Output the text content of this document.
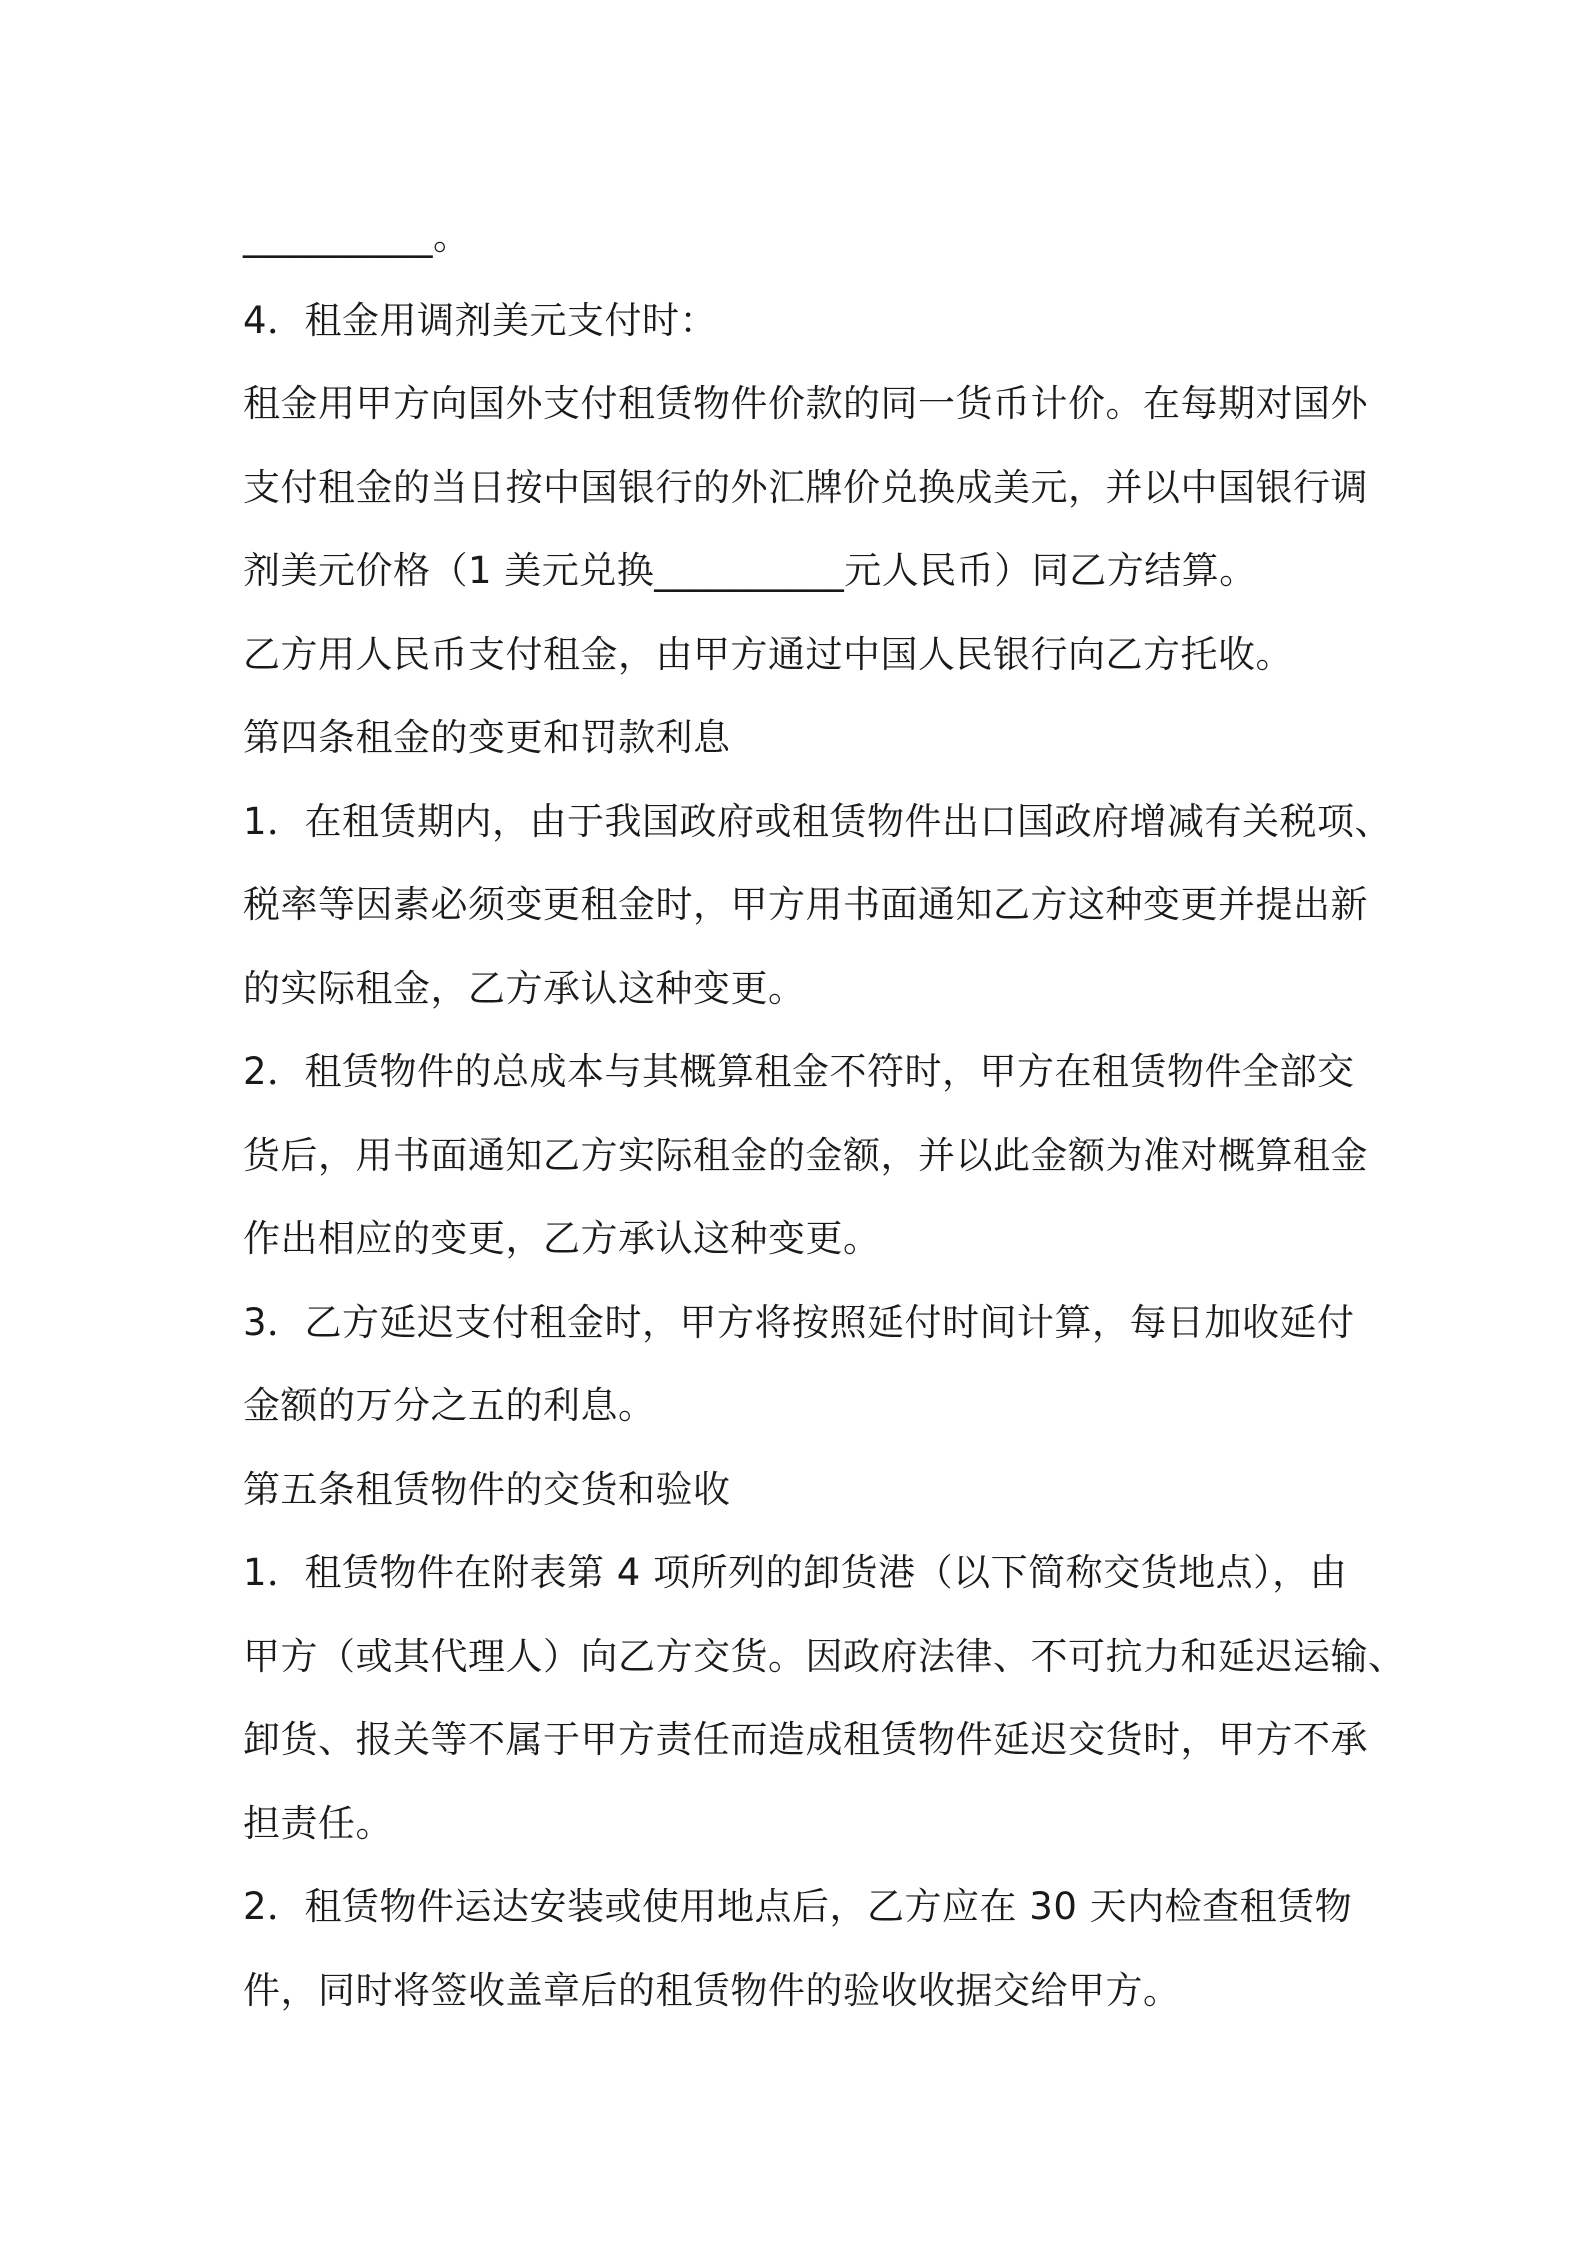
__________。
4．租金用调剂美元支付时：
租金用甲方向国外支付租赁物件价款的同一货币计价。在每期对国外
支付租金的当日按中国银行的外汇牌价兑换成美元，并以中国银行调
剂美元价格（1 美元兑换__________元人民币）同乙方结算。
乙方用人民币支付租金，由甲方通过中国人民银行向乙方托收。
第四条租金的变更和罚款利息
1．在租赁期内，由于我国政府或租赁物件出口国政府增减有关税项、
税率等因素必须变更租金时，甲方用书面通知乙方这种变更并提出新
的实际租金，乙方承认这种变更。
2．租赁物件的总成本与其概算租金不符时，甲方在租赁物件全部交
货后，用书面通知乙方实际租金的金额，并以此金额为准对概算租金
作出相应的变更，乙方承认这种变更。
3．乙方延迟支付租金时，甲方将按照延付时间计算，每日加收延付
金额的万分之五的利息。
第五条租赁物件的交货和验收
1．租赁物件在附表第 4 项所列的卸货港（以下简称交货地点），由
甲方（或其代理人）向乙方交货。因政府法律、不可抗力和延迟运输、
卸货、报关等不属于甲方责任而造成租赁物件延迟交货时，甲方不承
担责任。
2．租赁物件运达安装或使用地点后，乙方应在 30 天内检查租赁物
件，同时将签收盖章后的租赁物件的验收收据交给甲方。
